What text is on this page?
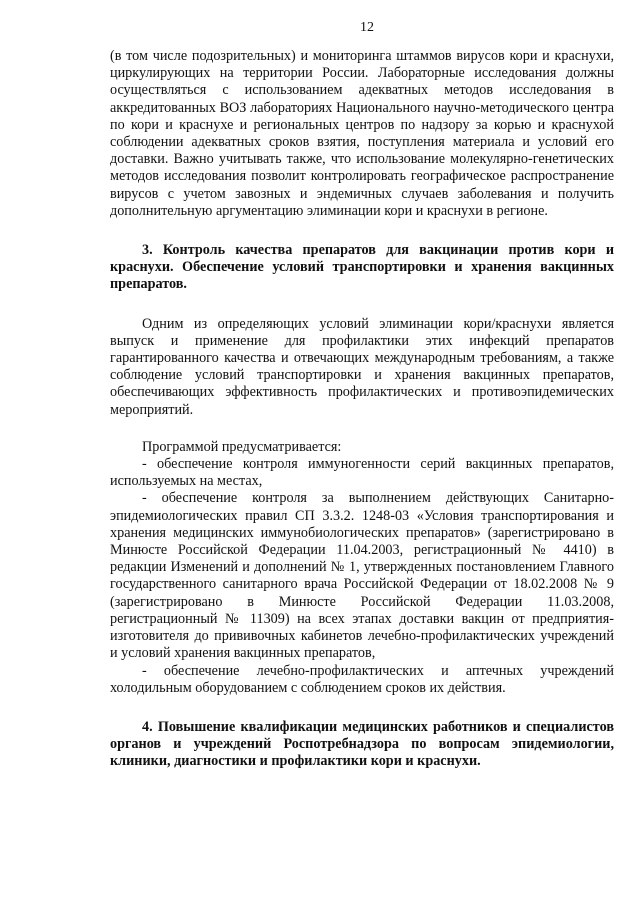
12

(в том числе подозрительных) и мониторинга штаммов вирусов кори и краснухи, циркулирующих на территории России. Лабораторные исследования должны осуществляться с использованием адекватных методов исследования в аккредитованных ВОЗ лабораториях Национального научно-методического центра по кори и краснухе и региональных центров по надзору за корью и краснухой соблюдении адекватных сроков взятия, поступления материала и условий его доставки. Важно учитывать также, что использование молекулярно-генетических методов исследования позволит контролировать географическое распространение вирусов с учетом завозных и эндемичных случаев заболевания и получить дополнительную аргументацию элиминации кори и краснухи в регионе.

3. Контроль качества препаратов для вакцинации против кори и краснухи. Обеспечение условий транспортировки и хранения вакцинных препаратов.

Одним из определяющих условий элиминации кори/краснухи является выпуск и применение для профилактики этих инфекций препаратов гарантированного качества и отвечающих международным требованиям, а также соблюдение условий транспортировки и хранения вакцинных препаратов, обеспечивающих эффективность профилактических и противоэпидемических мероприятий.

Программой предусматривается:

- обеспечение контроля иммуногенности серий вакцинных препаратов, используемых на местах,

- обеспечение контроля за выполнением действующих Санитарно-эпидемиологических правил СП 3.3.2. 1248-03 «Условия транспортирования и хранения медицинских иммунобиологических препаратов» (зарегистрировано в Минюсте Российской Федерации 11.04.2003, регистрационный № 4410) в редакции Изменений и дополнений № 1, утвержденных постановлением Главного государственного санитарного врача Российской Федерации от 18.02.2008 № 9 (зарегистрировано в Минюсте Российской Федерации 11.03.2008, регистрационный № 11309) на всех этапах доставки вакцин от предприятия-изготовителя до прививочных кабинетов лечебно-профилактических учреждений и условий хранения вакцинных препаратов,

- обеспечение лечебно-профилактических и аптечных учреждений холодильным оборудованием с соблюдением сроков их действия.

4. Повышение квалификации медицинских работников и специалистов органов и учреждений Роспотребнадзора по вопросам эпидемиологии, клиники, диагностики и профилактики кори и краснухи.
